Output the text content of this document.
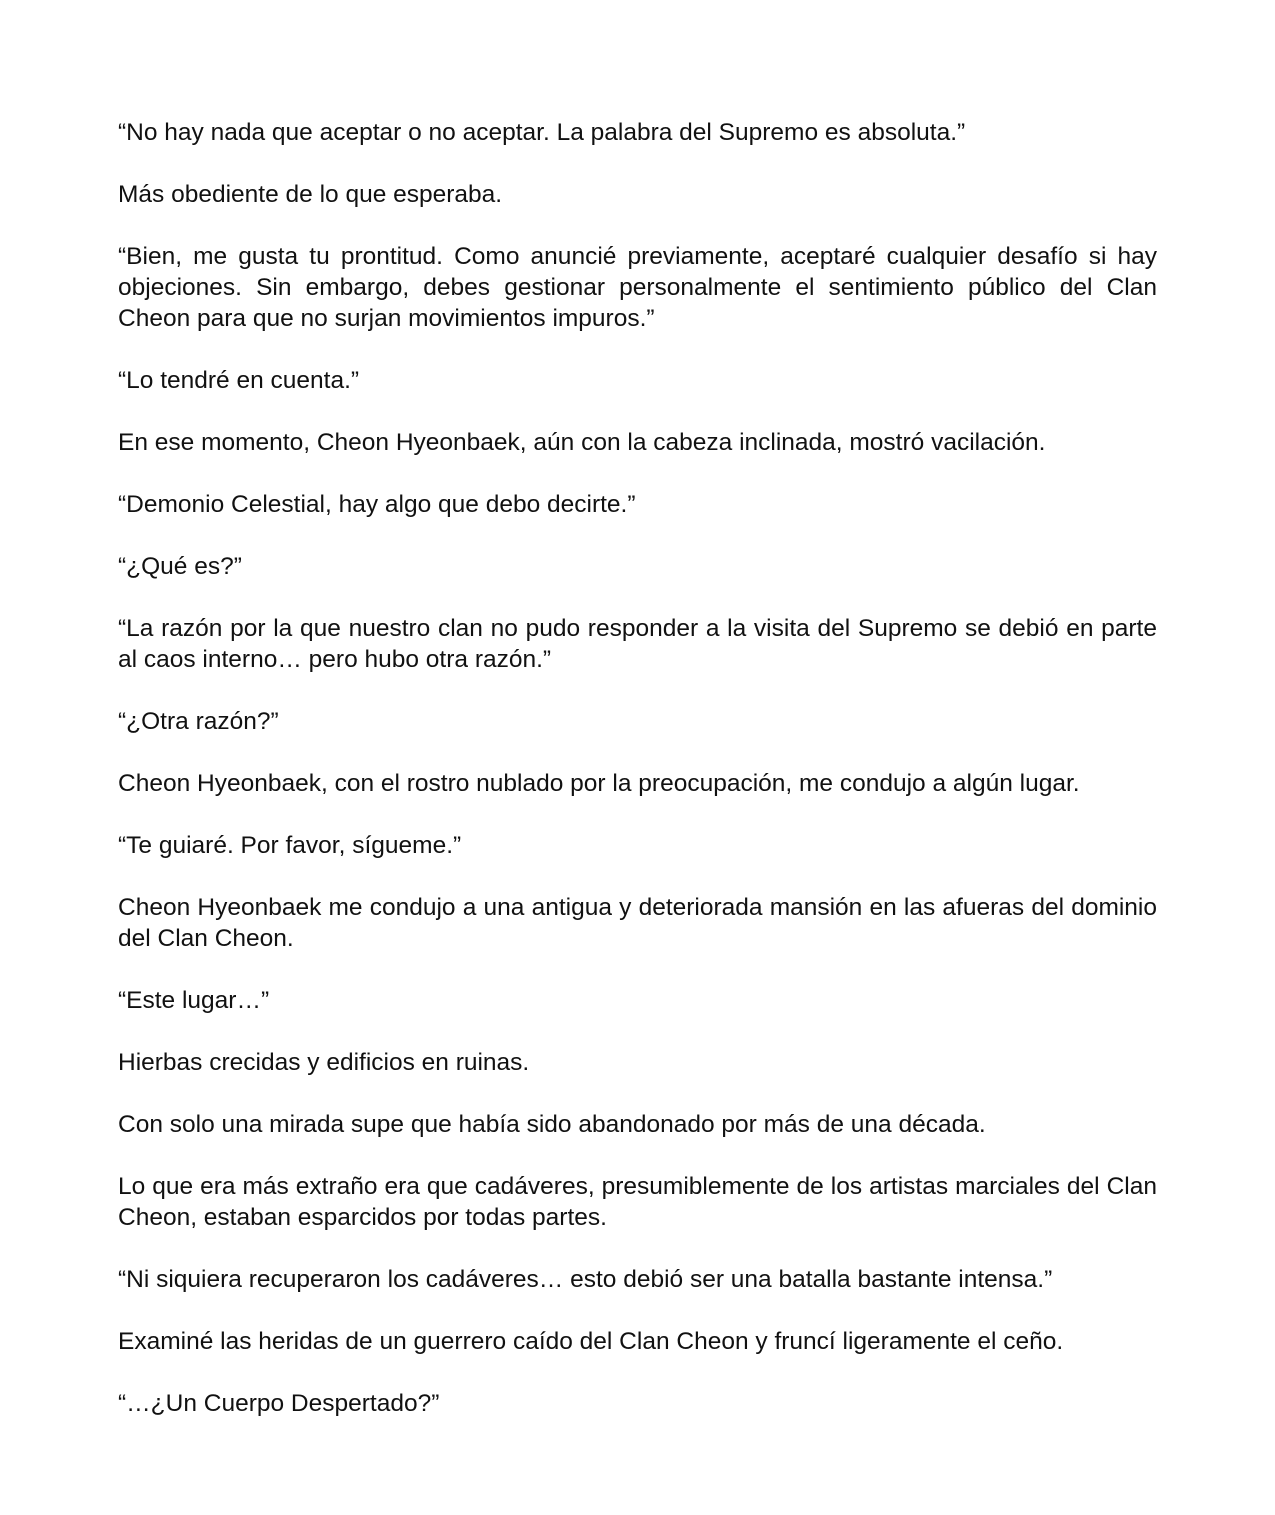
“No hay nada que aceptar o no aceptar. La palabra del Supremo es absoluta.”

Más obediente de lo que esperaba.

“Bien, me gusta tu prontitud. Como anuncié previamente, aceptaré cualquier desafío si hay objeciones. Sin embargo, debes gestionar personalmente el sentimiento público del Clan Cheon para que no surjan movimientos impuros.”

“Lo tendré en cuenta.”

En ese momento, Cheon Hyeonbaek, aún con la cabeza inclinada, mostró vacilación.

“Demonio Celestial, hay algo que debo decirte.”

“¿Qué es?”

“La razón por la que nuestro clan no pudo responder a la visita del Supremo se debió en parte al caos interno… pero hubo otra razón.”

“¿Otra razón?”

Cheon Hyeonbaek, con el rostro nublado por la preocupación, me condujo a algún lugar.

“Te guiaré. Por favor, sígueme.”

Cheon Hyeonbaek me condujo a una antigua y deteriorada mansión en las afueras del dominio del Clan Cheon.

“Este lugar…”

Hierbas crecidas y edificios en ruinas.

Con solo una mirada supe que había sido abandonado por más de una década.

Lo que era más extraño era que cadáveres, presumiblemente de los artistas marciales del Clan Cheon, estaban esparcidos por todas partes.

“Ni siquiera recuperaron los cadáveres… esto debió ser una batalla bastante intensa.”

Examiné las heridas de un guerrero caído del Clan Cheon y fruncí ligeramente el ceño.

“…¿Un Cuerpo Despertado?”
